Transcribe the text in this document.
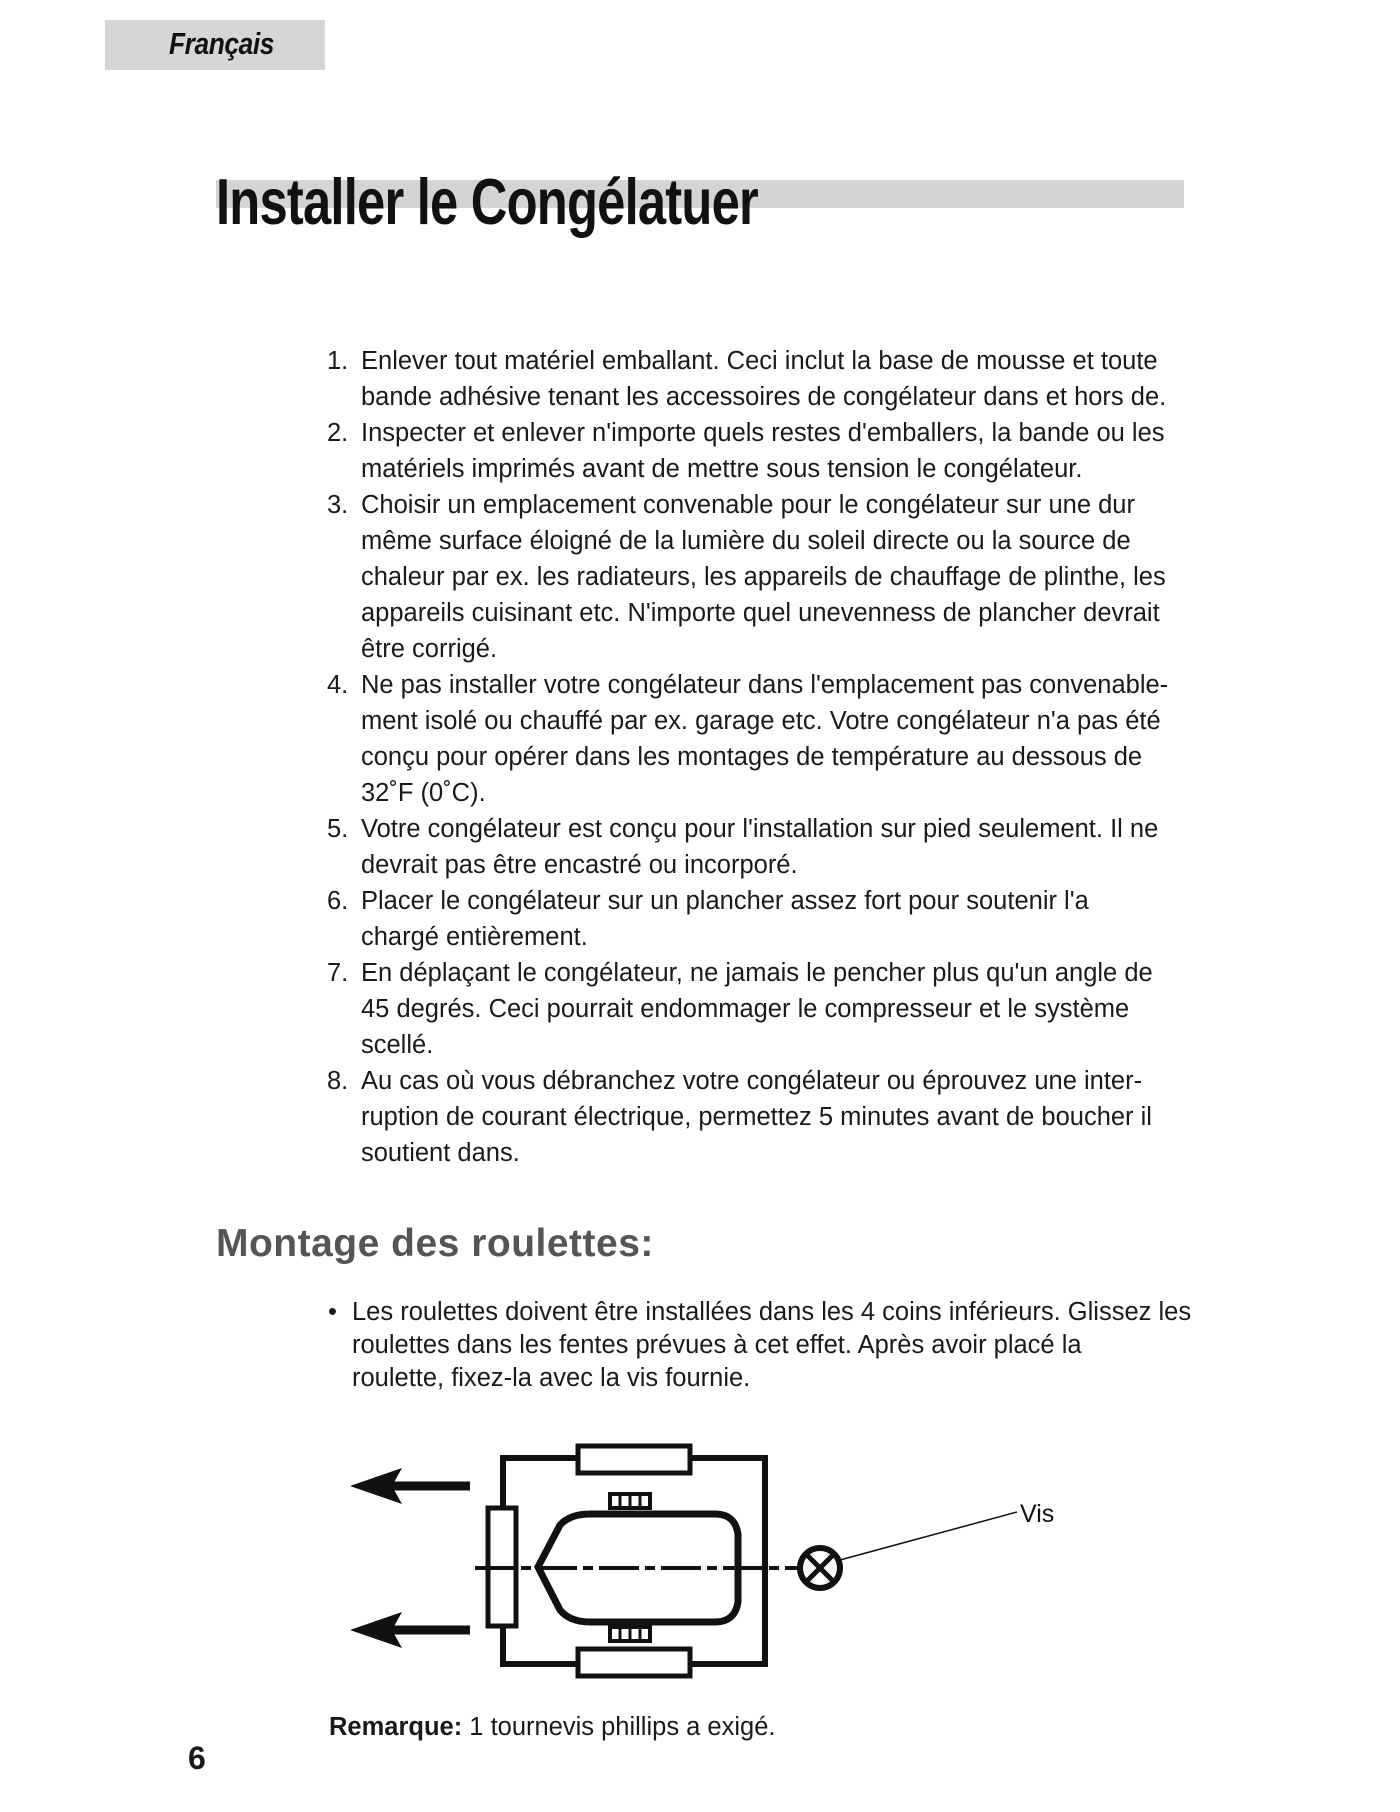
Français
Installer le Congélatuer
1. Enlever tout matériel emballant. Ceci inclut la base de mousse et toute
bande adhésive tenant les accessoires de congélateur dans et hors de.
2. Inspecter et enlever n'importe quels restes d'emballers, la bande ou les
matériels imprimés avant de mettre sous tension le congélateur.
3. Choisir un emplacement convenable pour le congélateur sur une dur
même surface éloigné de la lumière du soleil directe ou la source de
chaleur par ex. les radiateurs, les appareils de chauffage de plinthe, les
appareils cuisinant etc. N'importe quel unevenness de plancher devrait
être corrigé.
4. Ne pas installer votre congélateur dans l'emplacement pas convenable-
ment isolé ou chauffé par ex. garage etc. Votre congélateur n'a pas été
conçu pour opérer dans les montages de température au dessous de
32˚F (0˚C).
5. Votre congélateur est conçu pour l'installation sur pied seulement. Il ne
devrait pas être encastré ou incorporé.
6. Placer le congélateur sur un plancher assez fort pour soutenir l'a
chargé entièrement.
7. En déplaçant le congélateur, ne jamais le pencher plus qu'un angle de
45 degrés. Ceci pourrait endommager le compresseur et le système
scellé.
8. Au cas où vous débranchez votre congélateur ou éprouvez une inter-
ruption de courant électrique, permettez 5 minutes avant de boucher il
soutient dans.
Montage des roulettes:
• Les roulettes doivent être installées dans les 4 coins inférieurs. Glissez les
roulettes dans les fentes prévues à cet effet. Après avoir placé la
roulette, fixez-la avec la vis fournie.
Vis
Remarque: 1 tournevis phillips a exigé.
6
